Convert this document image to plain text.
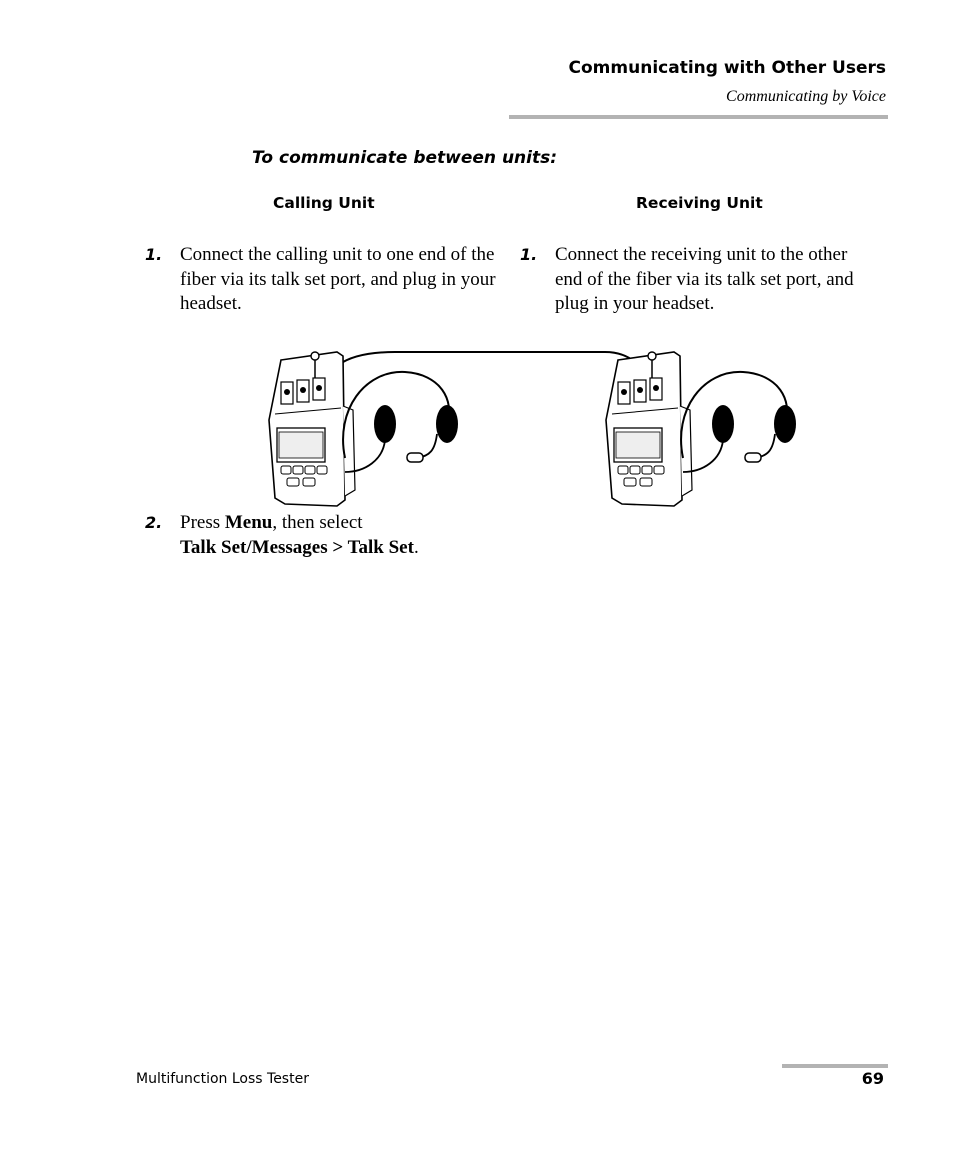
Communicating with Other Users
Communicating by Voice
To communicate between units:
Calling Unit	Receiving Unit
1. Connect the calling unit to one end of the fiber via its talk set port, and plug in your headset.
1. Connect the receiving unit to the other end of the fiber via its talk set port, and plug in your headset.
2. Press Menu, then select
Talk Set/Messages > Talk Set.
Multifunction Loss Tester	69
